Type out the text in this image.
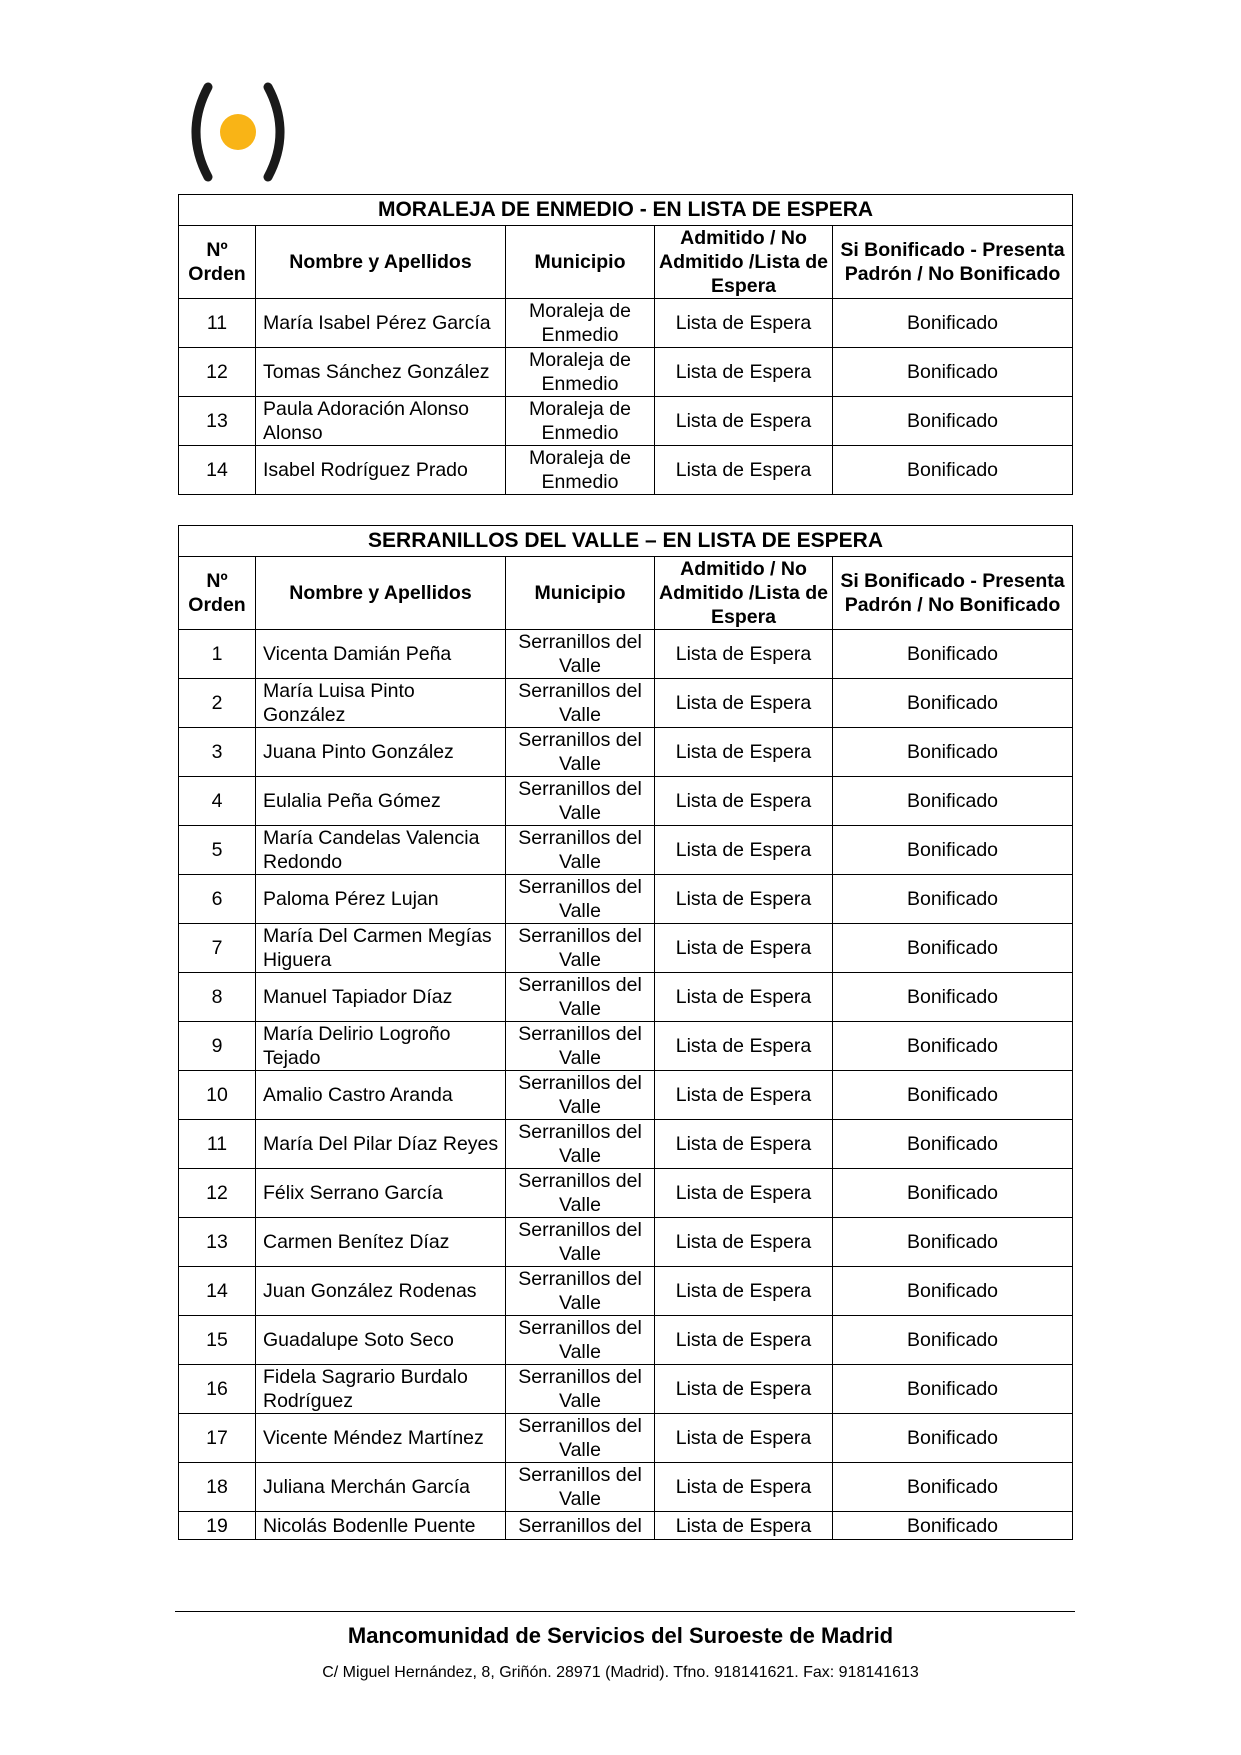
MORALEJA DE ENMEDIO - EN LISTA DE ESPERA				
Nº Orden	Nombre y Apellidos	Municipio	Admitido / No Admitido /Lista de Espera	Si Bonificado - Presenta Padrón / No Bonificado
11	María Isabel Pérez García	Moraleja de Enmedio	Lista de Espera	Bonificado
12	Tomas Sánchez González	Moraleja de Enmedio	Lista de Espera	Bonificado
13	Paula Adoración Alonso Alonso	Moraleja de Enmedio	Lista de Espera	Bonificado
14	Isabel Rodríguez Prado	Moraleja de Enmedio	Lista de Espera	Bonificado
SERRANILLOS DEL VALLE – EN LISTA DE ESPERA				
Nº Orden	Nombre y Apellidos	Municipio	Admitido / No Admitido /Lista de Espera	Si Bonificado - Presenta Padrón / No Bonificado
1	Vicenta Damián Peña	Serranillos del Valle	Lista de Espera	Bonificado
2	María Luisa Pinto González	Serranillos del Valle	Lista de Espera	Bonificado
3	Juana Pinto González	Serranillos del Valle	Lista de Espera	Bonificado
4	Eulalia Peña Gómez	Serranillos del Valle	Lista de Espera	Bonificado
5	María Candelas Valencia Redondo	Serranillos del Valle	Lista de Espera	Bonificado
6	Paloma Pérez Lujan	Serranillos del Valle	Lista de Espera	Bonificado
7	María Del Carmen Megías Higuera	Serranillos del Valle	Lista de Espera	Bonificado
8	Manuel Tapiador Díaz	Serranillos del Valle	Lista de Espera	Bonificado
9	María Delirio Logroño Tejado	Serranillos del Valle	Lista de Espera	Bonificado
10	Amalio Castro Aranda	Serranillos del Valle	Lista de Espera	Bonificado
11	María Del Pilar Díaz Reyes	Serranillos del Valle	Lista de Espera	Bonificado
12	Félix Serrano García	Serranillos del Valle	Lista de Espera	Bonificado
13	Carmen Benítez Díaz	Serranillos del Valle	Lista de Espera	Bonificado
14	Juan González Rodenas	Serranillos del Valle	Lista de Espera	Bonificado
15	Guadalupe Soto Seco	Serranillos del Valle	Lista de Espera	Bonificado
16	Fidela Sagrario Burdalo Rodríguez	Serranillos del Valle	Lista de Espera	Bonificado
17	Vicente Méndez Martínez	Serranillos del Valle	Lista de Espera	Bonificado
18	Juliana Merchán García	Serranillos del Valle	Lista de Espera	Bonificado
19	Nicolás Bodenlle Puente	Serranillos del	Lista de Espera	Bonificado
Mancomunidad de Servicios del Suroeste de Madrid
C/ Miguel Hernández, 8, Griñón. 28971 (Madrid). Tfno. 918141621. Fax: 918141613
